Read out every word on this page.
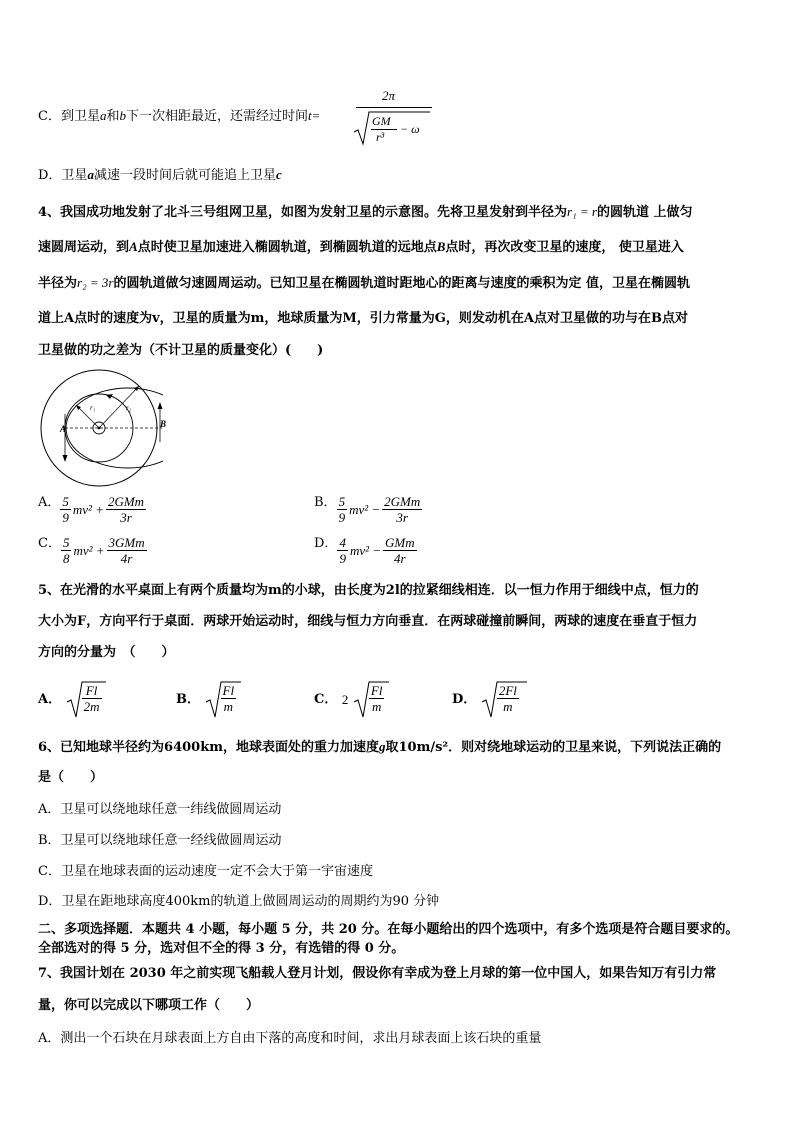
C．到卫星a和b下一次相距最近，还需经过时间t=
2π
GM
r³
− ω
D．卫星a减速一段时间后就可能追上卫星c
4、我国成功地发射了北斗三号组网卫星，如图为发射卫星的示意图。先将卫星发射到半径为r₁ = r的圆轨道 上做匀
速圆周运动，到A点时使卫星加速进入椭圆轨道，到椭圆轨道的远地点B点时，再次改变卫星的速度， 使卫星进入
半径为r₂ = 3r的圆轨道做匀速圆周运动。已知卫星在椭圆轨道时距地心的距离与速度的乘积为定 值，卫星在椭圆轨
道上A点时的速度为v，卫星的质量为m，地球质量为M，引力常量为G，则发动机在A点对卫星做的功与在B点对
卫星做的功之差为（不计卫星的质量变化）(　　)
A	B
r₁	r₂
A． $\frac{5}{9} mv^2 + \frac{\text{2GMm}}{3r}$	B． $\frac{5}{9} mv^2 - \frac{\text{2GMm}}{3r}$
C． $\frac{5}{8} mv^2 + \frac{\text{3GMm}}{4r}$	D． $\frac{4}{9} mv^2 - \frac{\text{GMm}}{4r}$
5、在光滑的水平桌面上有两个质量均为m的小球，由长度为2l的拉紧细线相连．以一恒力作用于细线中点，恒力的
大小为F，方向平行于桌面．两球开始运动时，细线与恒力方向垂直．在两球碰撞前瞬间，两球的速度在垂直于恒力
方向的分量为　（　　）
A． $\frac{Fl}{2m}$	B． $\frac{Fl}{m}$	C． $2 \frac{Fl}{m}$	D． $\frac{2Fl}{m}$
6、已知地球半径约为6400km，地球表面处的重力加速度g取10m/s²．则对绕地球运动的卫星来说，下列说法正确的
是（　　）
A．卫星可以绕地球任意一纬线做圆周运动
B．卫星可以绕地球任意一经线做圆周运动
C．卫星在地球表面的运动速度一定不会大于第一宇宙速度
D．卫星在距地球高度400km的轨道上做圆周运动的周期约为90 分钟
二、多项选择题．本题共 4 小题，每小题 5 分，共 20 分。在每小题给出的四个选项中，有多个选项是符合题目要求的。
全部选对的得 5 分，选对但不全的得 3 分，有选错的得 0 分。
7、我国计划在 2030 年之前实现飞船载人登月计划，假设你有幸成为登上月球的第一位中国人，如果告知万有引力常
量，你可以完成以下哪项工作（　　）
A．测出一个石块在月球表面上方自由下落的高度和时间，求出月球表面上该石块的重量
